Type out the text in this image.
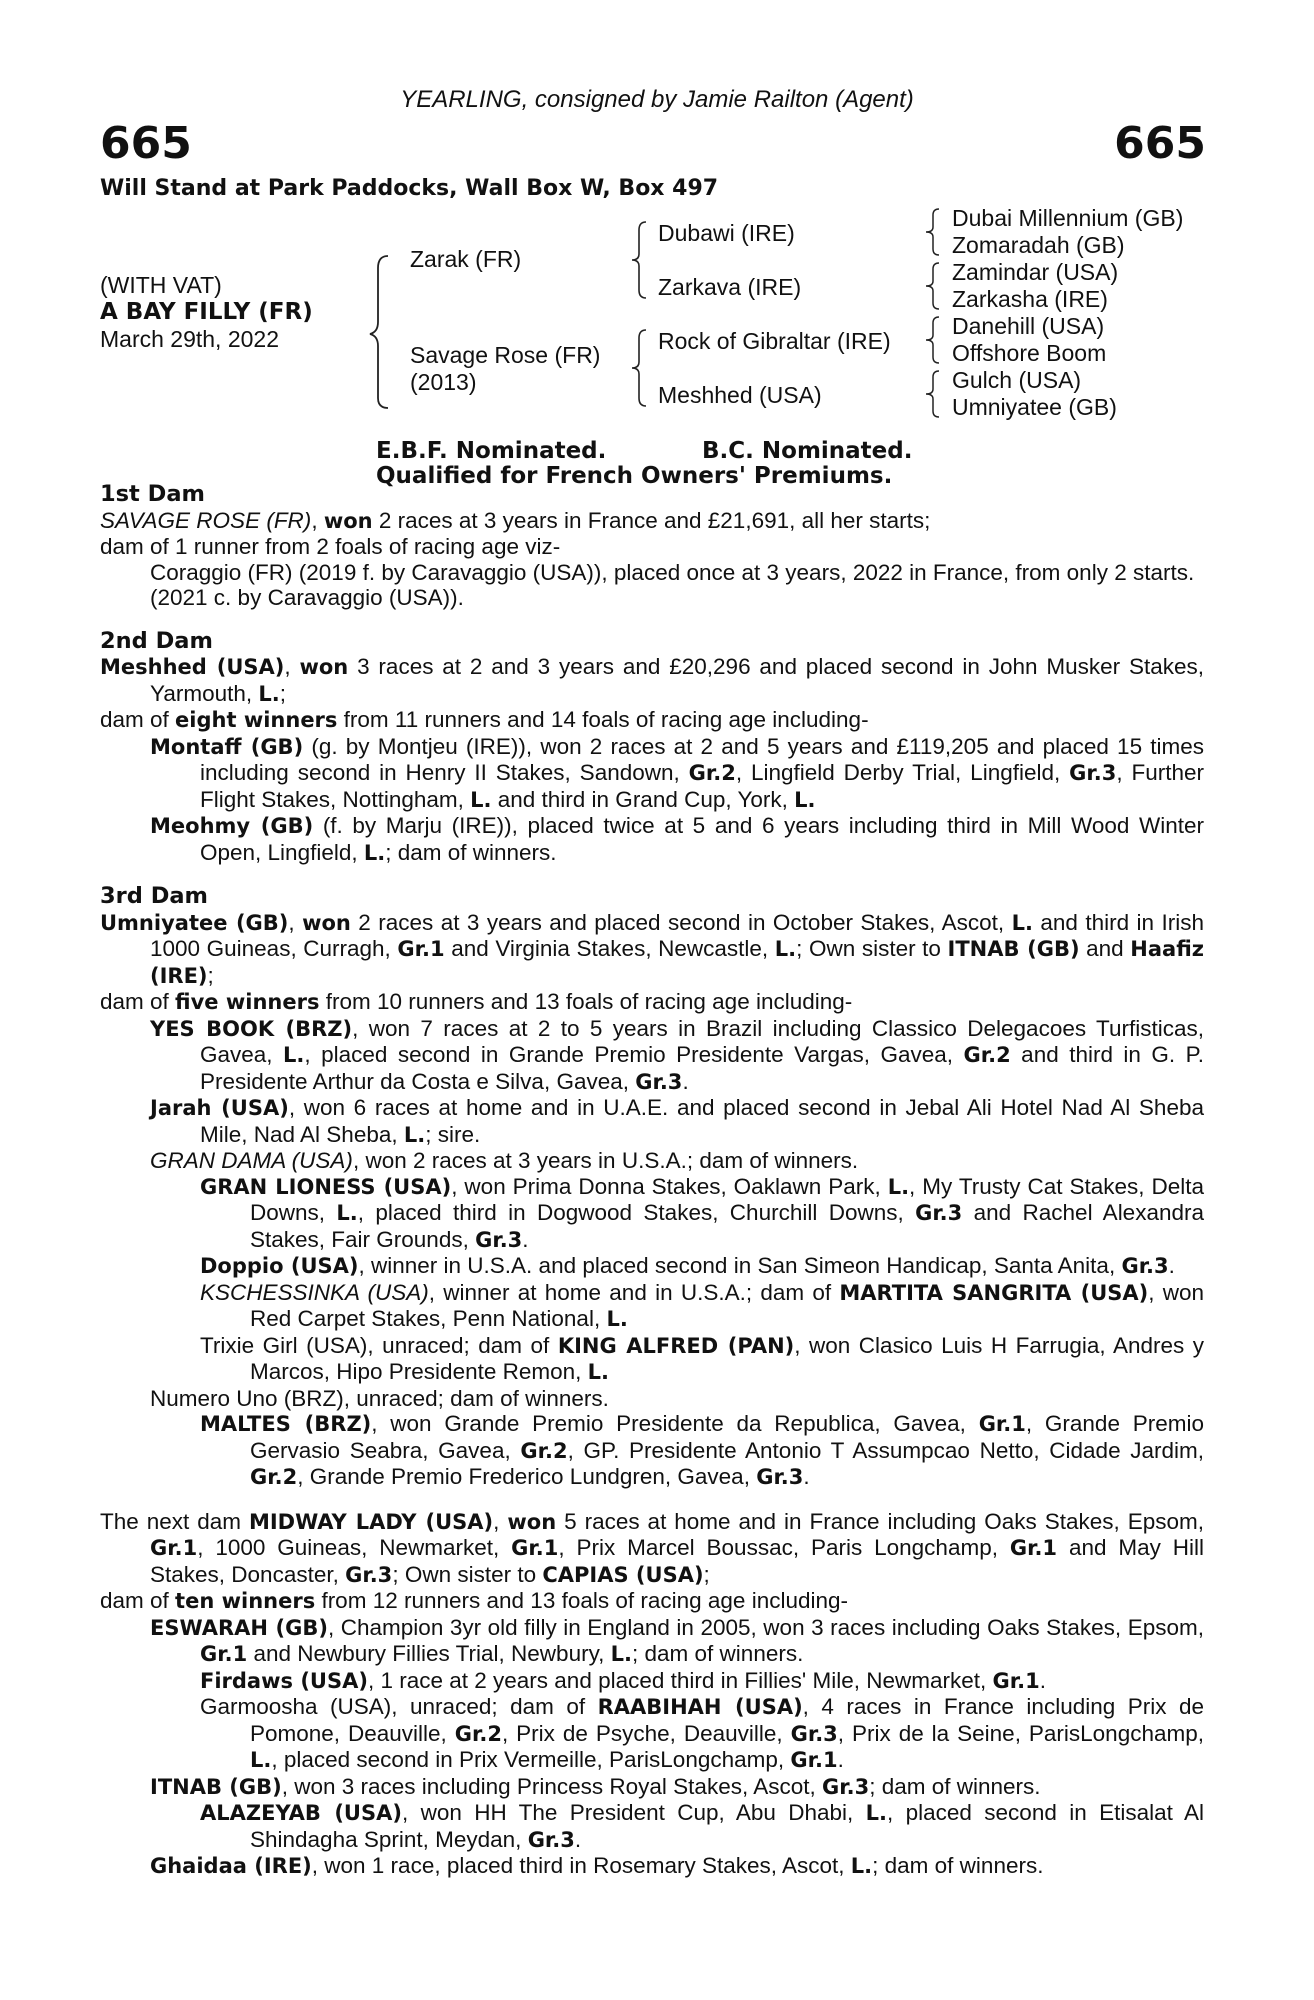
YEARLING, consigned by Jamie Railton (Agent)
665	665
Will Stand at Park Paddocks, Wall Box W, Box 497
(WITH VAT)
A BAY FILLY (FR)
March 29th, 2022
Zarak (FR)
Savage Rose (FR)
(2013)
Dubawi (IRE)
Zarkava (IRE)
Rock of Gibraltar (IRE)
Meshhed (USA)
Dubai Millennium (GB)
Zomaradah (GB)
Zamindar (USA)
Zarkasha (IRE)
Danehill (USA)
Offshore Boom
Gulch (USA)
Umniyatee (GB)
E.B.F. Nominated.	B.C. Nominated.
Qualified for French Owners' Premiums.
1st Dam
SAVAGE ROSE (FR), won 2 races at 3 years in France and £21,691, all her starts;
dam of 1 runner from 2 foals of racing age viz-
Coraggio (FR) (2019 f. by Caravaggio (USA)), placed once at 3 years, 2022 in France, from only 2 starts.
(2021 c. by Caravaggio (USA)).
2nd Dam
Meshhed (USA), won 3 races at 2 and 3 years and £20,296 and placed second in John Musker Stakes, Yarmouth, L.;
dam of eight winners from 11 runners and 14 foals of racing age including-
Montaff (GB) (g. by Montjeu (IRE)), won 2 races at 2 and 5 years and £119,205 and placed 15 times including second in Henry II Stakes, Sandown, Gr.2, Lingfield Derby Trial, Lingfield, Gr.3, Further Flight Stakes, Nottingham, L. and third in Grand Cup, York, L.
Meohmy (GB) (f. by Marju (IRE)), placed twice at 5 and 6 years including third in Mill Wood Winter Open, Lingfield, L.; dam of winners.
3rd Dam
Umniyatee (GB), won 2 races at 3 years and placed second in October Stakes, Ascot, L. and third in Irish 1000 Guineas, Curragh, Gr.1 and Virginia Stakes, Newcastle, L.; Own sister to ITNAB (GB) and Haafiz (IRE);
dam of five winners from 10 runners and 13 foals of racing age including-
YES BOOK (BRZ), won 7 races at 2 to 5 years in Brazil including Classico Delegacoes Turfisticas, Gavea, L., placed second in Grande Premio Presidente Vargas, Gavea, Gr.2 and third in G. P. Presidente Arthur da Costa e Silva, Gavea, Gr.3.
Jarah (USA), won 6 races at home and in U.A.E. and placed second in Jebal Ali Hotel Nad Al Sheba Mile, Nad Al Sheba, L.; sire.
GRAN DAMA (USA), won 2 races at 3 years in U.S.A.; dam of winners.
GRAN LIONESS (USA), won Prima Donna Stakes, Oaklawn Park, L., My Trusty Cat Stakes, Delta Downs, L., placed third in Dogwood Stakes, Churchill Downs, Gr.3 and Rachel Alexandra Stakes, Fair Grounds, Gr.3.
Doppio (USA), winner in U.S.A. and placed second in San Simeon Handicap, Santa Anita, Gr.3.
KSCHESSINKA (USA), winner at home and in U.S.A.; dam of MARTITA SANGRITA (USA), won Red Carpet Stakes, Penn National, L.
Trixie Girl (USA), unraced; dam of KING ALFRED (PAN), won Clasico Luis H Farrugia, Andres y Marcos, Hipo Presidente Remon, L.
Numero Uno (BRZ), unraced; dam of winners.
MALTES (BRZ), won Grande Premio Presidente da Republica, Gavea, Gr.1, Grande Premio Gervasio Seabra, Gavea, Gr.2, GP. Presidente Antonio T Assumpcao Netto, Cidade Jardim, Gr.2, Grande Premio Frederico Lundgren, Gavea, Gr.3.
The next dam MIDWAY LADY (USA), won 5 races at home and in France including Oaks Stakes, Epsom, Gr.1, 1000 Guineas, Newmarket, Gr.1, Prix Marcel Boussac, Paris Longchamp, Gr.1 and May Hill Stakes, Doncaster, Gr.3; Own sister to CAPIAS (USA);
dam of ten winners from 12 runners and 13 foals of racing age including-
ESWARAH (GB), Champion 3yr old filly in England in 2005, won 3 races including Oaks Stakes, Epsom, Gr.1 and Newbury Fillies Trial, Newbury, L.; dam of winners.
Firdaws (USA), 1 race at 2 years and placed third in Fillies' Mile, Newmarket, Gr.1.
Garmoosha (USA), unraced; dam of RAABIHAH (USA), 4 races in France including Prix de Pomone, Deauville, Gr.2, Prix de Psyche, Deauville, Gr.3, Prix de la Seine, ParisLongchamp, L., placed second in Prix Vermeille, ParisLongchamp, Gr.1.
ITNAB (GB), won 3 races including Princess Royal Stakes, Ascot, Gr.3; dam of winners.
ALAZEYAB (USA), won HH The President Cup, Abu Dhabi, L., placed second in Etisalat Al Shindagha Sprint, Meydan, Gr.3.
Ghaidaa (IRE), won 1 race, placed third in Rosemary Stakes, Ascot, L.; dam of winners.
